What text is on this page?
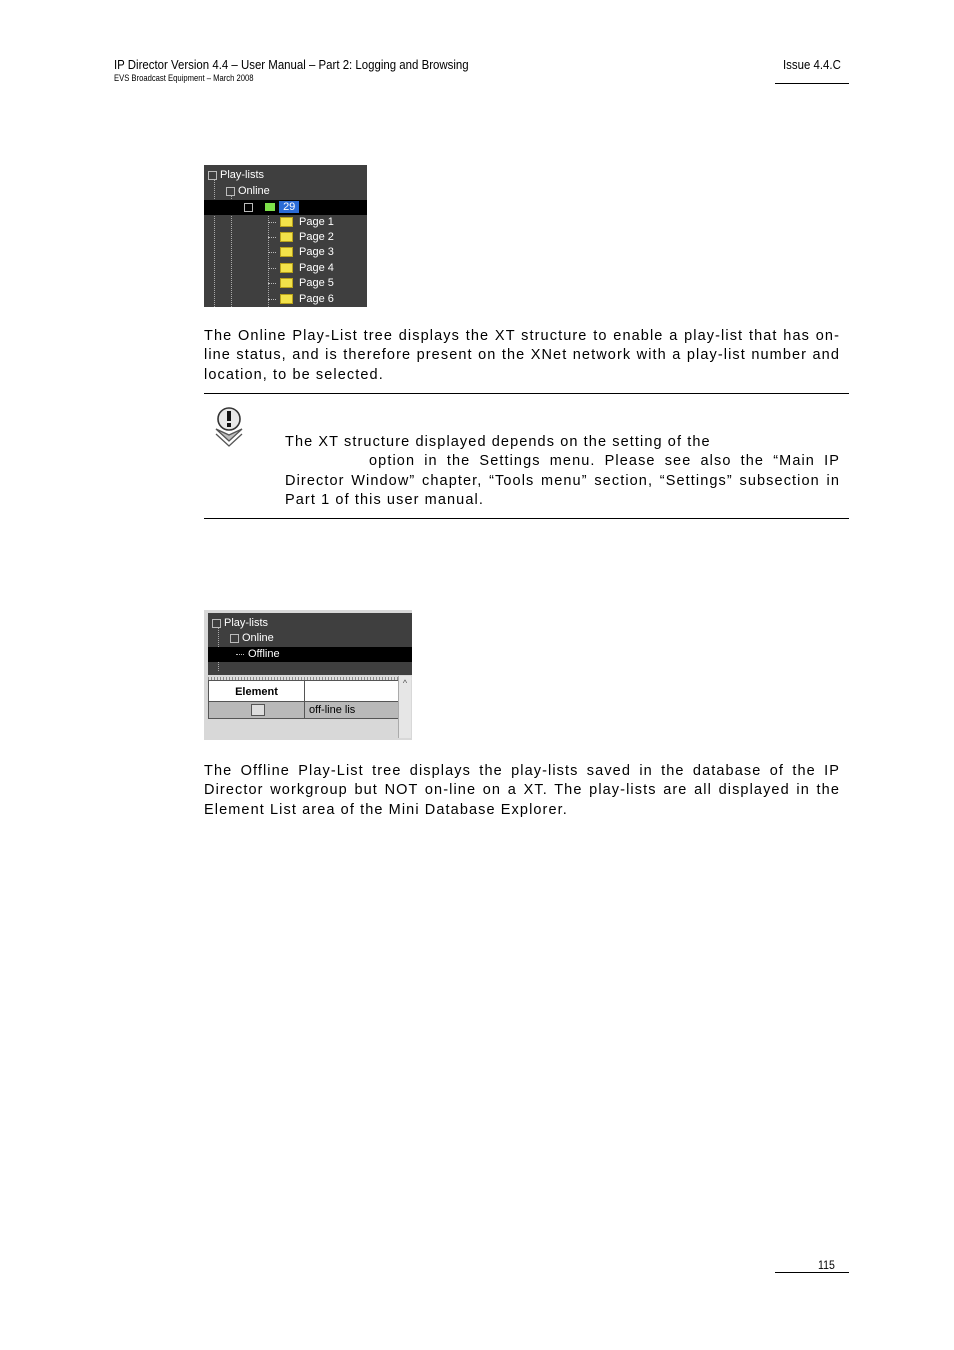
IP Director Version 4.4 – User Manual – Part 2: Logging and Browsing
EVS Broadcast Equipment – March 2008
Issue 4.4.C
Play-lists
Online
29
Page 1
Page 2
Page 3
Page 4
Page 5
Page 6
The Online Play-List tree displays the XT structure to enable a play-list that has on-line status, and is therefore present on the XNet network with a play-list number and location, to be selected.
The XT structure displayed depends on the setting of the
option in the Settings menu. Please see also the “Main IP Director Window” chapter, “Tools menu” section, “Settings” subsection in Part 1 of this user manual.
Play-lists
Online
Offline
Element
off-line lis
^
The Offline Play-List tree displays the play-lists saved in the database of the IP Director workgroup but NOT on-line on a XT. The play-lists are all displayed in the Element List area of the Mini Database Explorer.
115
